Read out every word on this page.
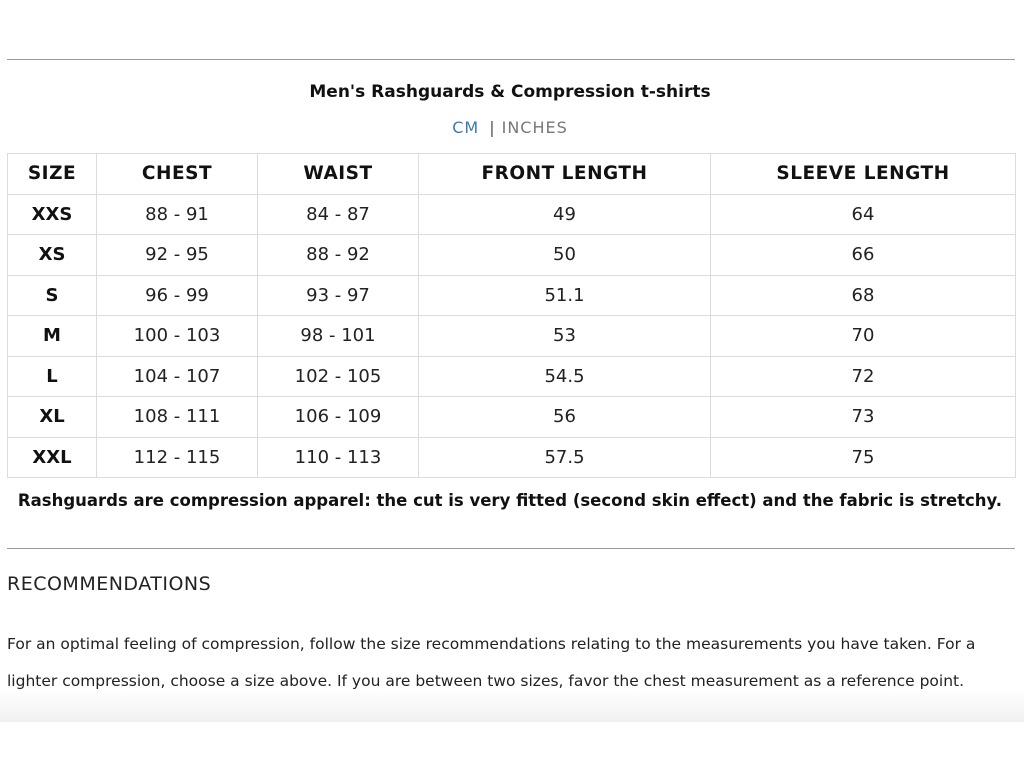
Men's Rashguards & Compression t-shirts
CM | INCHES
SIZE	CHEST	WAIST	FRONT LENGTH	SLEEVE LENGTH
XXS	88 - 91	84 - 87	49	64
XS	92 - 95	88 - 92	50	66
S	96 - 99	93 - 97	51.1	68
M	100 - 103	98 - 101	53	70
L	104 - 107	102 - 105	54.5	72
XL	108 - 111	106 - 109	56	73
XXL	112 - 115	110 - 113	57.5	75
Rashguards are compression apparel: the cut is very fitted (second skin effect) and the fabric is stretchy.
RECOMMENDATIONS
For an optimal feeling of compression, follow the size recommendations relating to the measurements you have taken. For a lighter compression, choose a size above. If you are between two sizes, favor the chest measurement as a reference point.
